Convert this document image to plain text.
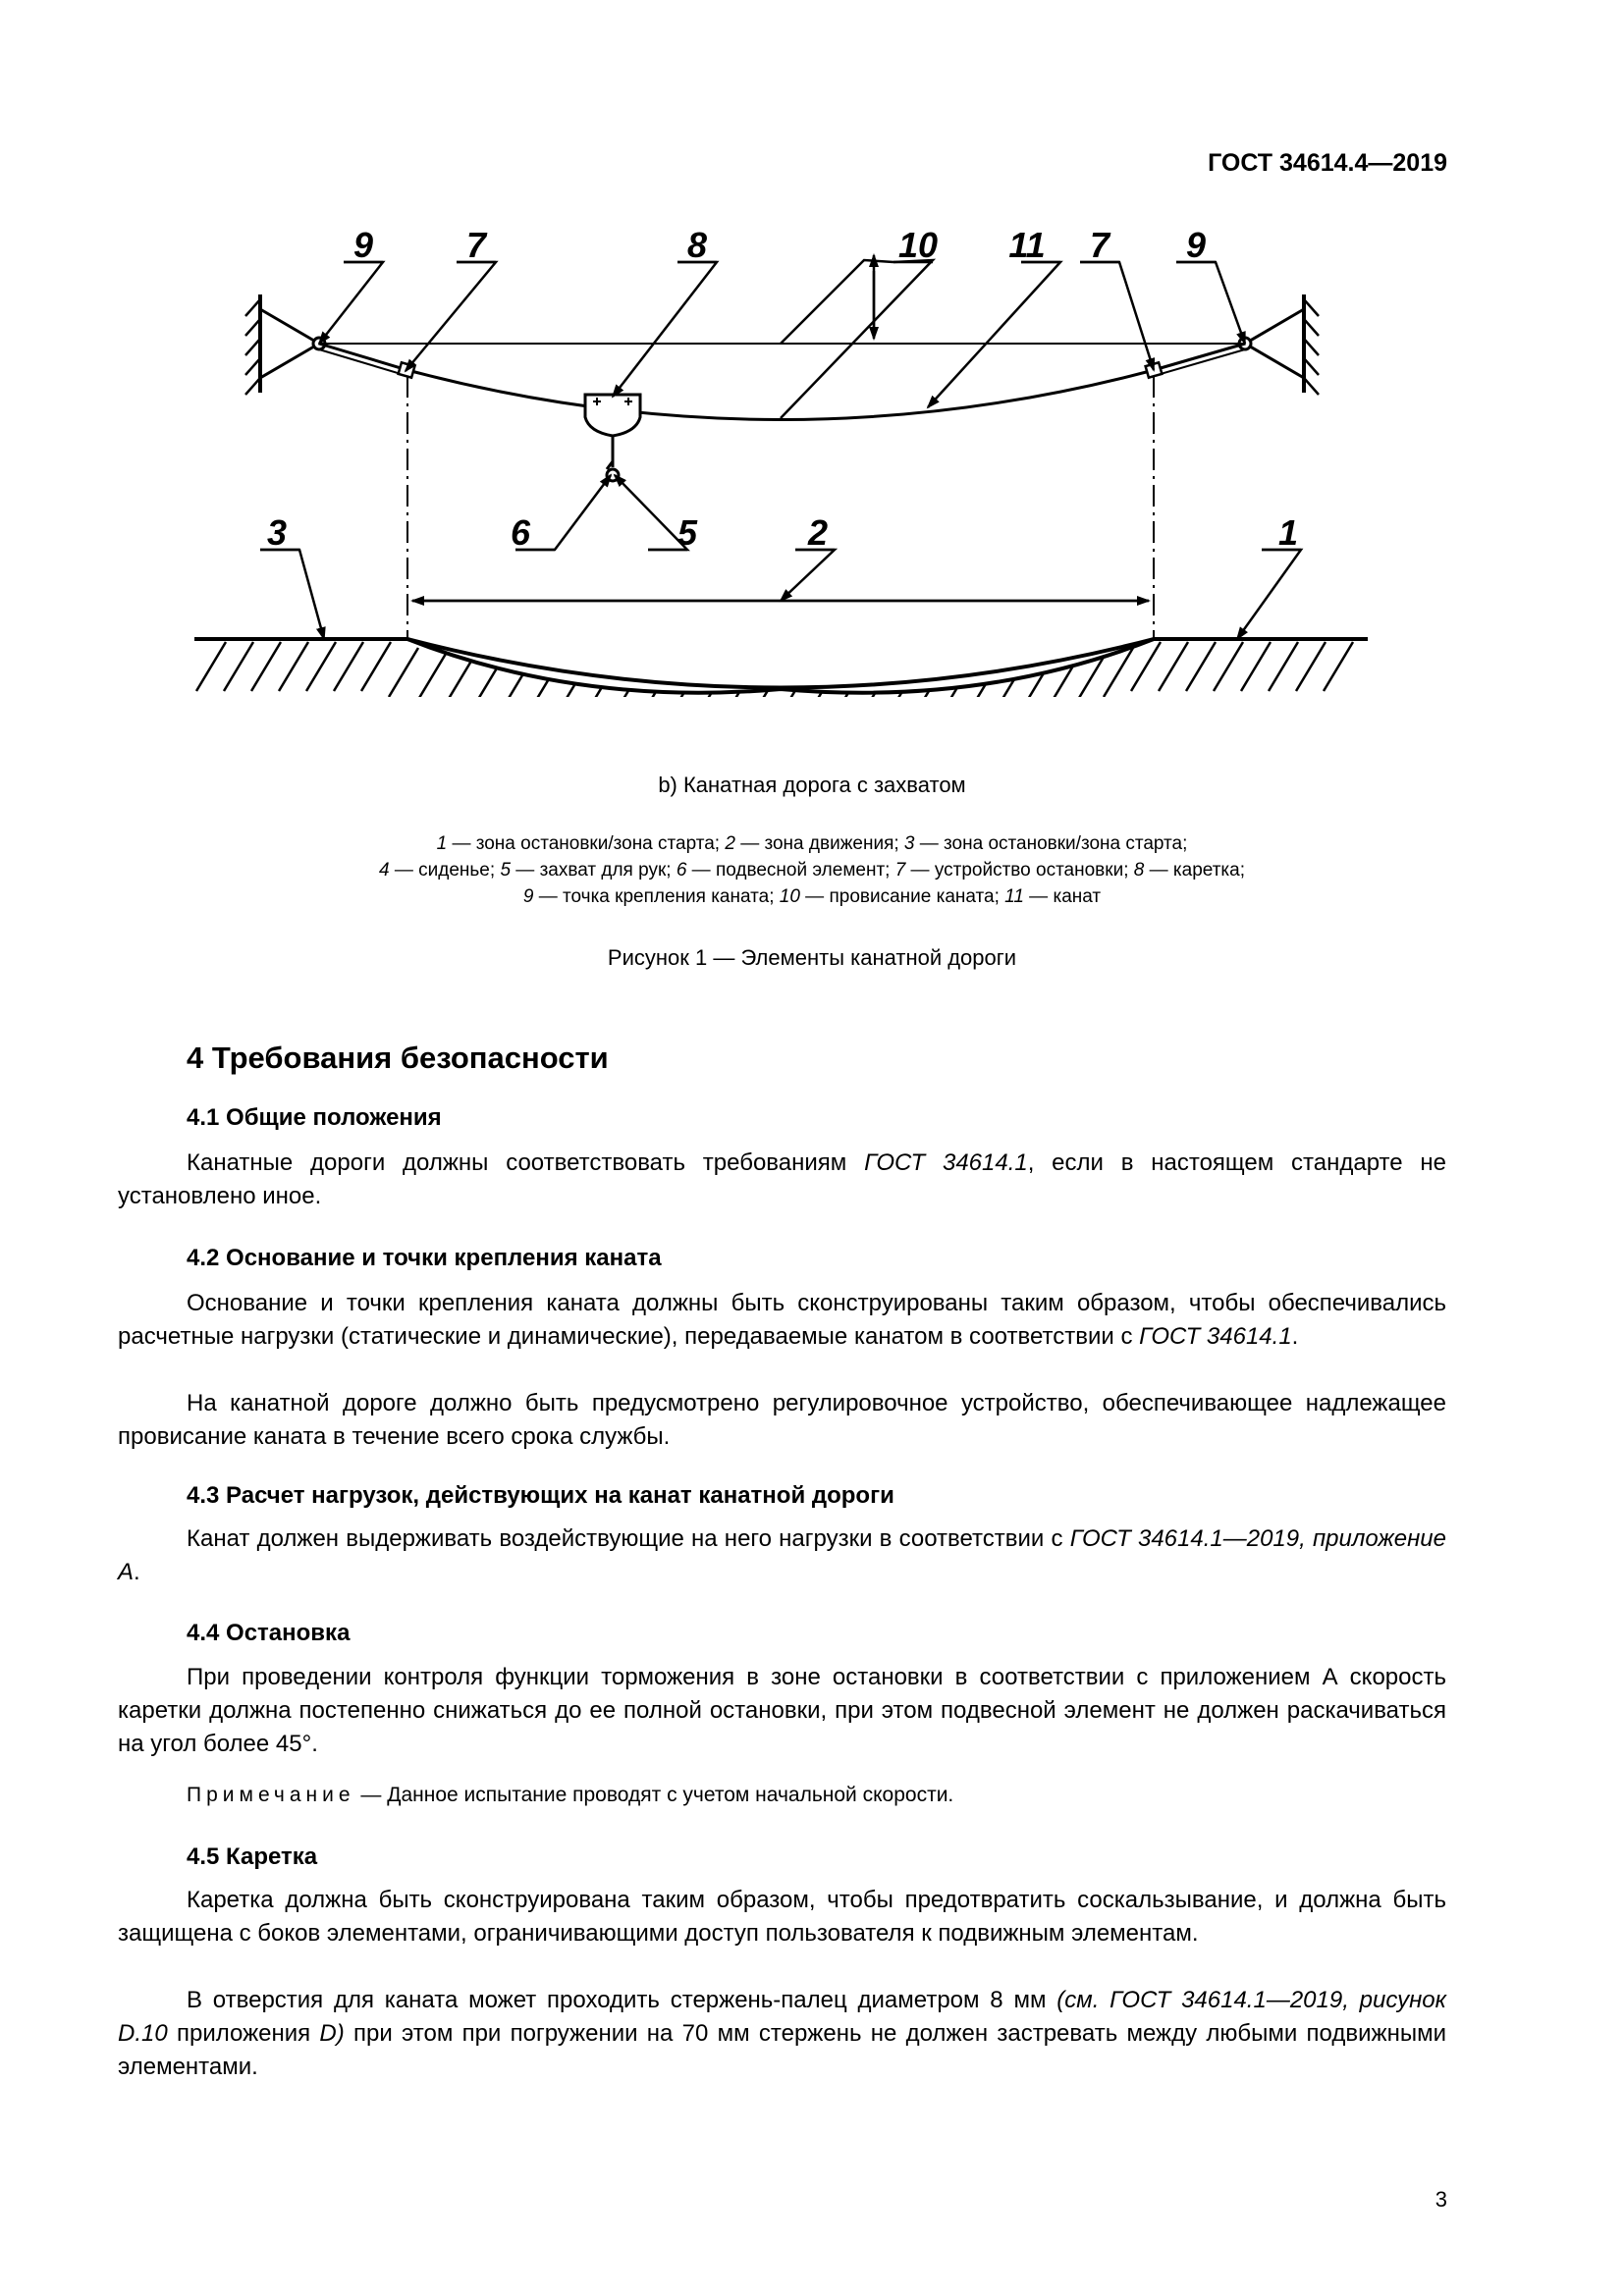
ГОСТ 34614.4—2019
9	7	8	10 11 7 9
3	6	5	2	1
b) Канатная дорога с захватом
1 — зона остановки/зона старта; 2 — зона движения; 3 — зона остановки/зона старта;
4 — сиденье; 5 — захват для рук; 6 — подвесной элемент; 7 — устройство остановки; 8 — каретка;
9 — точка крепления каната; 10 — провисание каната; 11 — канат
Рисунок 1 — Элементы канатной дороги
4 Требования безопасности
4.1 Общие положения

Канатные дороги должны соответствовать требованиям ГОСТ 34614.1, если в настоящем стандарте не установлено иное.

4.2 Основание и точки крепления каната

Основание и точки крепления каната должны быть сконструированы таким образом, чтобы обеспечивались расчетные нагрузки (статические и динамические), передаваемые канатом в соответствии с ГОСТ 34614.1.

На канатной дороге должно быть предусмотрено регулировочное устройство, обеспечивающее надлежащее провисание каната в течение всего срока службы.

4.3 Расчет нагрузок, действующих на канат канатной дороги

Канат должен выдерживать воздействующие на него нагрузки в соответствии с ГОСТ 34614.1—2019, приложение А.

4.4 Остановка

При проведении контроля функции торможения в зоне остановки в соответствии с приложением А скорость каретки должна постепенно снижаться до ее полной остановки, при этом подвесной элемент не должен раскачиваться на угол более 45°.

Примечание — Данное испытание проводят с учетом начальной скорости.
4.5 Каретка

Каретка должна быть сконструирована таким образом, чтобы предотвратить соскальзывание, и должна быть защищена с боков элементами, ограничивающими доступ пользователя к подвижным элементам.

В отверстия для каната может проходить стержень-палец диаметром 8 мм (см. ГОСТ 34614.1—2019, рисунок D.10 приложения D) при этом при погружении на 70 мм стержень не должен застревать между любыми подвижными элементами.

3
